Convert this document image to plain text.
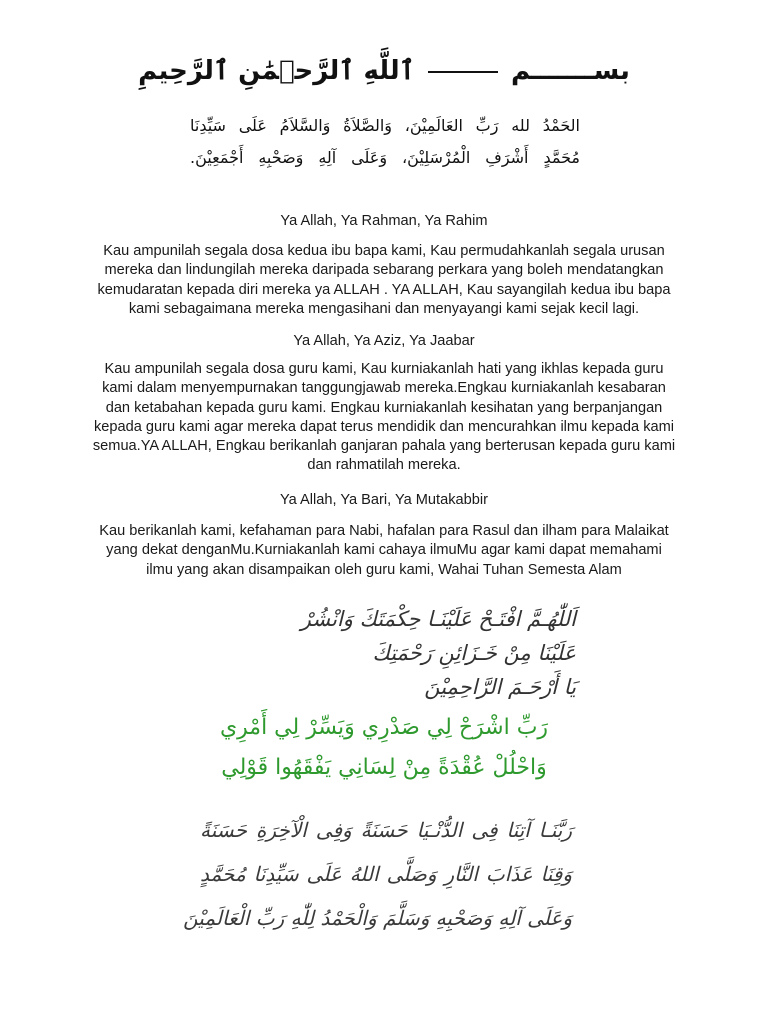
بســـــــم  ٱللَّهِ ٱلرَّحۡمَٰنِ ٱلرَّحِيمِ
الحَمْدُ لله رَبِّ العَالَمِيْنَ، وَالصَّلاَةُ وَالسَّلاَمُ عَلَى سَيِّدِنَا
مُحَمَّدٍ أَشْرَفِ الْمُرْسَلِيْنَ، وَعَلَى آلِهِ وَصَحْبِهِ أَجْمَعِيْنَ.
Ya Allah, Ya Rahman, Ya Rahim
Kau ampunilah segala dosa kedua ibu bapa kami, Kau permudahkanlah segala urusan
mereka dan lindungilah mereka daripada sebarang perkara yang boleh mendatangkan
kemudaratan kepada diri mereka ya ALLAH . YA ALLAH, Kau sayangilah kedua ibu bapa
kami sebagaimana mereka mengasihani dan menyayangi kami sejak kecil lagi.
Ya Allah, Ya Aziz, Ya Jaabar
Kau ampunilah segala dosa guru kami, Kau kurniakanlah hati yang ikhlas kepada guru
kami dalam menyempurnakan tanggungjawab mereka.Engkau kurniakanlah kesabaran
dan ketabahan kepada guru kami. Engkau kurniakanlah kesihatan yang berpanjangan
kepada guru kami agar mereka dapat terus mendidik dan mencurahkan ilmu kepada kami
semua.YA ALLAH, Engkau berikanlah ganjaran pahala yang berterusan kepada guru kami
dan rahmatilah mereka.
Ya Allah, Ya Bari, Ya Mutakabbir
Kau berikanlah kami, kefahaman para Nabi, hafalan para Rasul dan ilham para Malaikat
yang dekat denganMu.Kurniakanlah kami cahaya ilmuMu agar kami dapat memahami
ilmu yang akan disampaikan oleh guru kami, Wahai Tuhan Semesta Alam
اَللّٰهُـمَّ افْتَـحْ عَلَيْنَـا حِكْمَتَكَ وَانْشُرْ
عَلَيْنَا مِنْ خَـزَائِنِ رَحْمَتِكَ
يَا أَرْحَـمَ الرَّاحِمِيْنَ
رَبِّ اشْرَحْ لِي صَدْرِي وَيَسِّرْ لِي أَمْرِي
وَاحْلُلْ عُقْدَةً مِنْ لِسَانِي يَفْقَهُوا قَوْلِي
رَبَّنَـا آتِنَا فِى الدُّنْـيَا حَسَنَةً وَفِى الْآخِرَةِ حَسَنَةً
وَقِنَا عَذَابَ النَّارِ وَصَلَّى اللهُ عَلَى سَيِّدِنَا مُحَمَّدٍ
وَعَلَى آلِهِ وَصَحْبِهِ وَسَلَّمَ وَالْحَمْدُ لِلّٰهِ رَبِّ الْعَالَمِيْنَ
